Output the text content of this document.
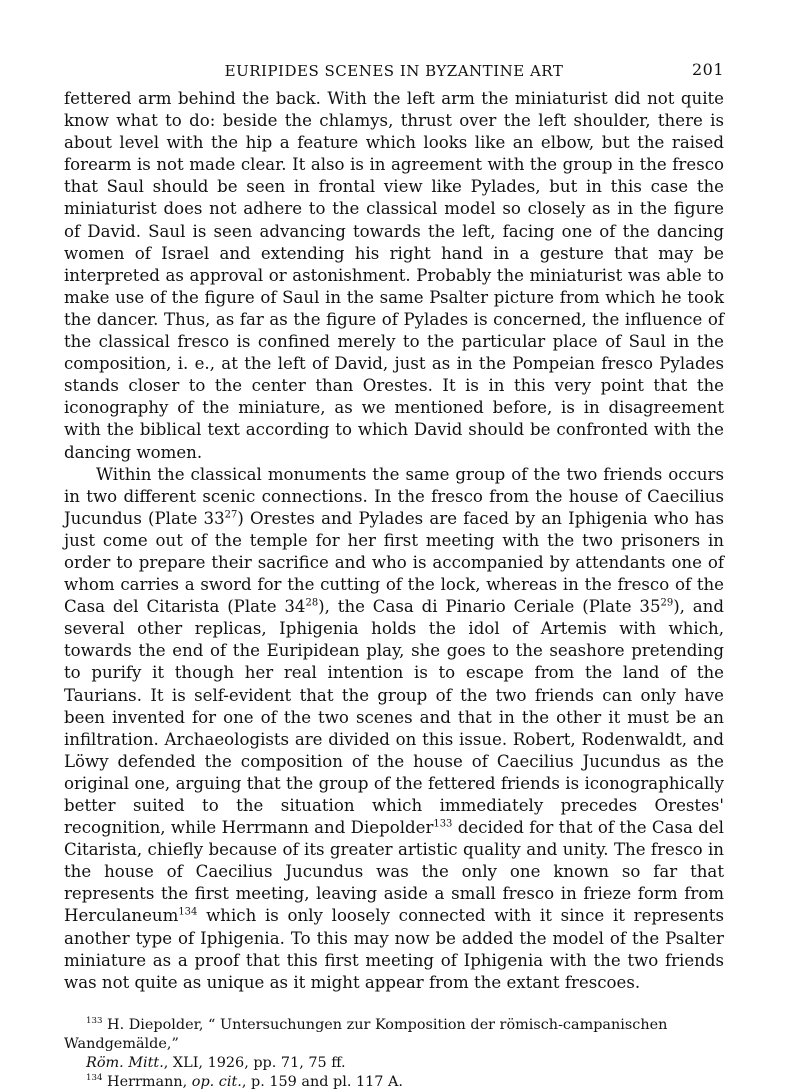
EURIPIDES SCENES IN BYZANTINE ART	201

fettered arm behind the back. With the left arm the miniaturist did not quite know what to do: beside the chlamys, thrust over the left shoulder, there is about level with the hip a feature which looks like an elbow, but the raised forearm is not made clear. It also is in agreement with the group in the fresco that Saul should be seen in frontal view like Pylades, but in this case the miniaturist does not adhere to the classical model so closely as in the figure of David. Saul is seen advancing towards the left, facing one of the dancing women of Israel and extending his right hand in a gesture that may be interpreted as approval or astonishment. Probably the miniaturist was able to make use of the figure of Saul in the same Psalter picture from which he took the dancer. Thus, as far as the figure of Pylades is concerned, the influence of the classical fresco is confined merely to the particular place of Saul in the composition, i. e., at the left of David, just as in the Pompeian fresco Pylades stands closer to the center than Orestes. It is in this very point that the iconography of the miniature, as we mentioned before, is in disagreement with the biblical text according to which David should be confronted with the dancing women.

Within the classical monuments the same group of the two friends occurs in two different scenic connections. In the fresco from the house of Caecilius Jucundus (Plate $33^{27}$) Orestes and Pylades are faced by an Iphigenia who has just come out of the temple for her first meeting with the two prisoners in order to prepare their sacrifice and who is accompanied by attendants one of whom carries a sword for the cutting of the lock, whereas in the fresco of the Casa del Citarista (Plate $34^{28}$), the Casa di Pinario Ceriale (Plate $35^{29}$), and several other replicas, Iphigenia holds the idol of Artemis with which, towards the end of the Euripidean play, she goes to the seashore pretending to purify it though her real intention is to escape from the land of the Taurians. It is self-evident that the group of the two friends can only have been invented for one of the two scenes and that in the other it must be an infiltration. Archaeologists are divided on this issue. Robert, Rodenwaldt, and Löwy defended the composition of the house of Caecilius Jucundus as the original one, arguing that the group of the fettered friends is iconographically better suited to the situation which immediately precedes Orestes' recognition, while Herrmann and Diepolder$^{133}$ decided for that of the Casa del Citarista, chiefly because of its greater artistic quality and unity. The fresco in the house of Caecilius Jucundus was the only one known so far that represents the first meeting, leaving aside a small fresco in frieze form from Herculaneum$^{134}$ which is only loosely connected with it since it represents another type of Iphigenia. To this may now be added the model of the Psalter miniature as a proof that this first meeting of Iphigenia with the two friends was not quite as unique as it might appear from the extant frescoes.

$^{133}$ H. Diepolder, “ Untersuchungen zur Komposition der römisch-campanischen Wandgemälde,”

Röm. Mitt., XLI, 1926, pp. 71, 75 ff.

$^{134}$ Herrmann, op. cit., p. 159 and pl. 117 A.
